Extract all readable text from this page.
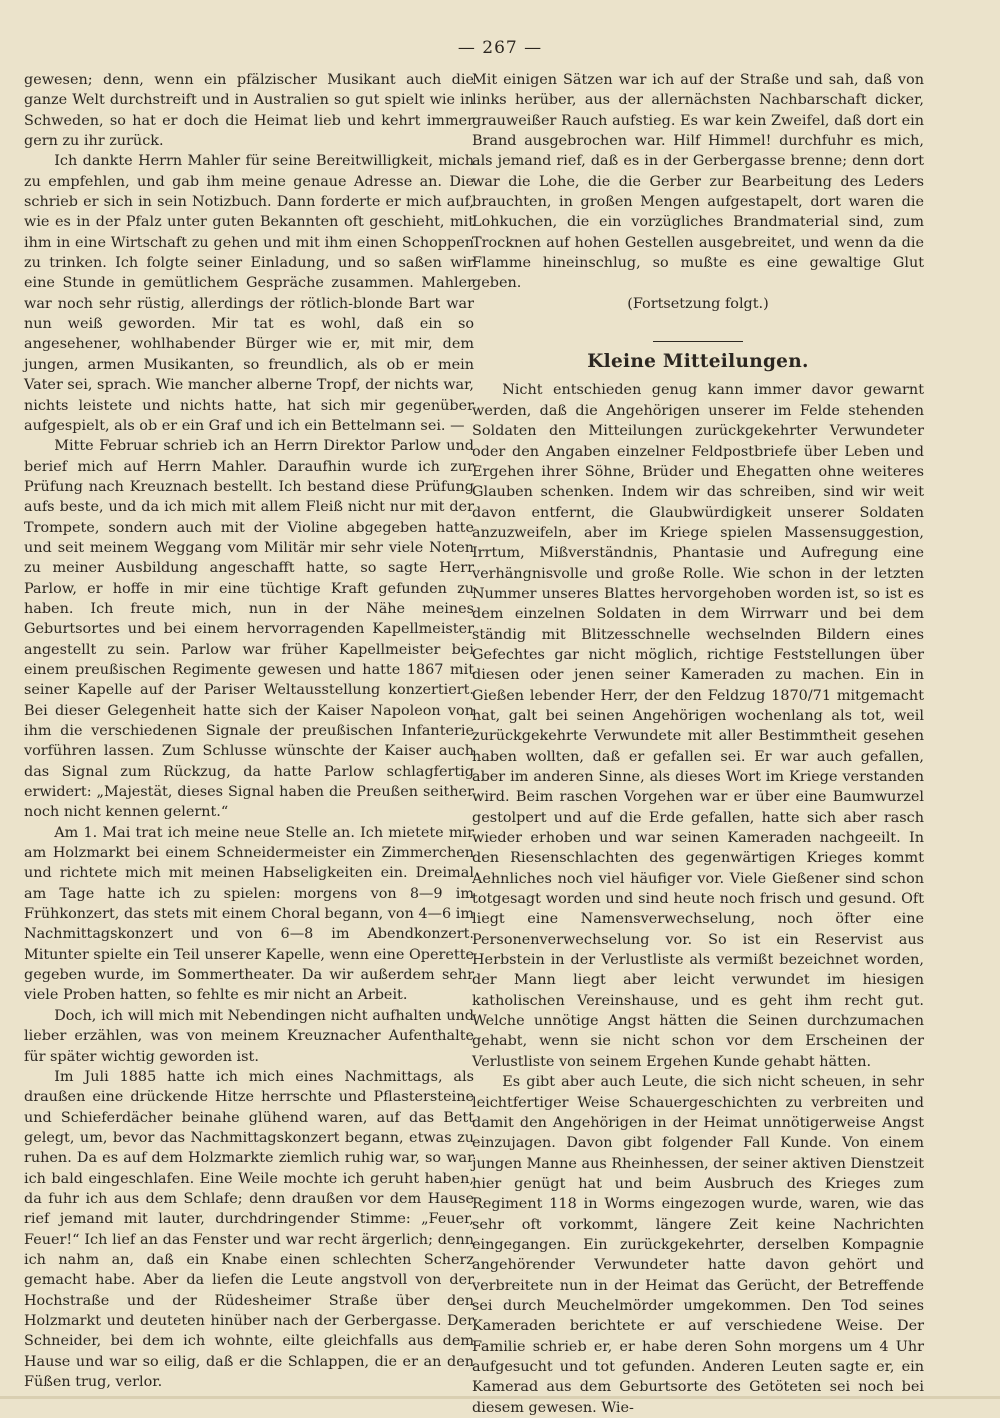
— 267 —

gewesen; denn, wenn ein pfälzischer Musikant auch die ganze Welt durchstreift und in Australien so gut spielt wie in Schweden, so hat er doch die Heimat lieb und kehrt immer gern zu ihr zurück.

Ich dankte Herrn Mahler für seine Bereitwilligkeit, mich zu empfehlen, und gab ihm meine genaue Adresse an. Die schrieb er sich in sein Notizbuch. Dann forderte er mich auf, wie es in der Pfalz unter guten Bekannten oft geschieht, mit ihm in eine Wirtschaft zu gehen und mit ihm einen Schoppen zu trinken. Ich folgte seiner Einladung, und so saßen wir eine Stunde in gemütlichem Gespräche zusammen. Mahler war noch sehr rüstig, allerdings der rötlich-blonde Bart war nun weiß geworden. Mir tat es wohl, daß ein so angesehener, wohlhabender Bürger wie er, mit mir, dem jungen, armen Musikanten, so freundlich, als ob er mein Vater sei, sprach. Wie mancher alberne Tropf, der nichts war, nichts leistete und nichts hatte, hat sich mir gegenüber aufgespielt, als ob er ein Graf und ich ein Bettelmann sei. —

Mitte Februar schrieb ich an Herrn Direktor Parlow und berief mich auf Herrn Mahler. Daraufhin wurde ich zur Prüfung nach Kreuznach bestellt. Ich bestand diese Prüfung aufs beste, und da ich mich mit allem Fleiß nicht nur mit der Trompete, sondern auch mit der Violine abgegeben hatte und seit meinem Weggang vom Militär mir sehr viele Noten zu meiner Ausbildung angeschafft hatte, so sagte Herr Parlow, er hoffe in mir eine tüchtige Kraft gefunden zu haben. Ich freute mich, nun in der Nähe meines Geburtsortes und bei einem hervorragenden Kapellmeister angestellt zu sein. Parlow war früher Kapellmeister bei einem preußischen Regimente gewesen und hatte 1867 mit seiner Kapelle auf der Pariser Weltausstellung konzertiert. Bei dieser Gelegenheit hatte sich der Kaiser Napoleon von ihm die verschiedenen Signale der preußischen Infanterie vorführen lassen. Zum Schlusse wünschte der Kaiser auch das Signal zum Rückzug, da hatte Parlow schlagfertig erwidert: „Majestät, dieses Signal haben die Preußen seither noch nicht kennen gelernt.“

Am 1. Mai trat ich meine neue Stelle an. Ich mietete mir am Holzmarkt bei einem Schneidermeister ein Zimmerchen und richtete mich mit meinen Habseligkeiten ein. Dreimal am Tage hatte ich zu spielen: morgens von 8—9 im Frühkonzert, das stets mit einem Choral begann, von 4—6 im Nachmittagskonzert und von 6—8 im Abendkonzert. Mitunter spielte ein Teil unserer Kapelle, wenn eine Operette gegeben wurde, im Sommertheater. Da wir außerdem sehr viele Proben hatten, so fehlte es mir nicht an Arbeit.

Doch, ich will mich mit Nebendingen nicht aufhalten und lieber erzählen, was von meinem Kreuznacher Aufenthalte für später wichtig geworden ist.

Im Juli 1885 hatte ich mich eines Nachmittags, als draußen eine drückende Hitze herrschte und Pflastersteine und Schieferdächer beinahe glühend waren, auf das Bett gelegt, um, bevor das Nachmittagskonzert begann, etwas zu ruhen. Da es auf dem Holzmarkte ziemlich ruhig war, so war ich bald eingeschlafen. Eine Weile mochte ich geruht haben, da fuhr ich aus dem Schlafe; denn draußen vor dem Hause rief jemand mit lauter, durchdringender Stimme: „Feuer, Feuer!“ Ich lief an das Fenster und war recht ärgerlich; denn ich nahm an, daß ein Knabe einen schlechten Scherz gemacht habe. Aber da liefen die Leute angstvoll von der Hochstraße und der Rüdesheimer Straße über den Holzmarkt und deuteten hinüber nach der Gerbergasse. Der Schneider, bei dem ich wohnte, eilte gleichfalls aus dem Hause und war so eilig, daß er die Schlappen, die er an den Füßen trug, verlor.

Mit einigen Sätzen war ich auf der Straße und sah, daß von links herüber, aus der allernächsten Nachbarschaft dicker, grauweißer Rauch aufstieg. Es war kein Zweifel, daß dort ein Brand ausgebrochen war. Hilf Himmel! durchfuhr es mich, als jemand rief, daß es in der Gerbergasse brenne; denn dort war die Lohe, die die Gerber zur Bearbeitung des Leders brauchten, in großen Mengen aufgestapelt, dort waren die Lohkuchen, die ein vorzügliches Brandmaterial sind, zum Trocknen auf hohen Gestellen ausgebreitet, und wenn da die Flamme hineinschlug, so mußte es eine gewaltige Glut geben.

(Fortsetzung folgt.)

Kleine Mitteilungen.

Nicht entschieden genug kann immer davor gewarnt werden, daß die Angehörigen unserer im Felde stehenden Soldaten den Mitteilungen zurückgekehrter Verwundeter oder den Angaben einzelner Feldpostbriefe über Leben und Ergehen ihrer Söhne, Brüder und Ehegatten ohne weiteres Glauben schenken. Indem wir das schreiben, sind wir weit davon entfernt, die Glaubwürdigkeit unserer Soldaten anzuzweifeln, aber im Kriege spielen Massensuggestion, Irrtum, Mißverständnis, Phantasie und Aufregung eine verhängnisvolle und große Rolle. Wie schon in der letzten Nummer unseres Blattes hervorgehoben worden ist, so ist es dem einzelnen Soldaten in dem Wirrwarr und bei dem ständig mit Blitzesschnelle wechselnden Bildern eines Gefechtes gar nicht möglich, richtige Feststellungen über diesen oder jenen seiner Kameraden zu machen. Ein in Gießen lebender Herr, der den Feldzug 1870/71 mitgemacht hat, galt bei seinen Angehörigen wochenlang als tot, weil zurückgekehrte Verwundete mit aller Bestimmtheit gesehen haben wollten, daß er gefallen sei. Er war auch gefallen, aber im anderen Sinne, als dieses Wort im Kriege verstanden wird. Beim raschen Vorgehen war er über eine Baumwurzel gestolpert und auf die Erde gefallen, hatte sich aber rasch wieder erhoben und war seinen Kameraden nachgeeilt. In den Riesenschlachten des gegenwärtigen Krieges kommt Aehnliches noch viel häufiger vor. Viele Gießener sind schon totgesagt worden und sind heute noch frisch und gesund. Oft liegt eine Namensverwechselung, noch öfter eine Personenverwechselung vor. So ist ein Reservist aus Herbstein in der Verlustliste als vermißt bezeichnet worden, der Mann liegt aber leicht verwundet im hiesigen katholischen Vereinshause, und es geht ihm recht gut. Welche unnötige Angst hätten die Seinen durchzumachen gehabt, wenn sie nicht schon vor dem Erscheinen der Verlustliste von seinem Ergehen Kunde gehabt hätten.

Es gibt aber auch Leute, die sich nicht scheuen, in sehr leichtfertiger Weise Schauergeschichten zu verbreiten und damit den Angehörigen in der Heimat unnötigerweise Angst einzujagen. Davon gibt folgender Fall Kunde. Von einem jungen Manne aus Rheinhessen, der seiner aktiven Dienstzeit hier genügt hat und beim Ausbruch des Krieges zum Regiment 118 in Worms eingezogen wurde, waren, wie das sehr oft vorkommt, längere Zeit keine Nachrichten eingegangen. Ein zurückgekehrter, derselben Kompagnie angehörender Verwundeter hatte davon gehört und verbreitete nun in der Heimat das Gerücht, der Betreffende sei durch Meuchelmörder umgekommen. Den Tod seines Kameraden berichtete er auf verschiedene Weise. Der Familie schrieb er, er habe deren Sohn morgens um 4 Uhr aufgesucht und tot gefunden. Anderen Leuten sagte er, ein Kamerad aus dem Geburtsorte des Getöteten sei noch bei diesem gewesen. Wie-
